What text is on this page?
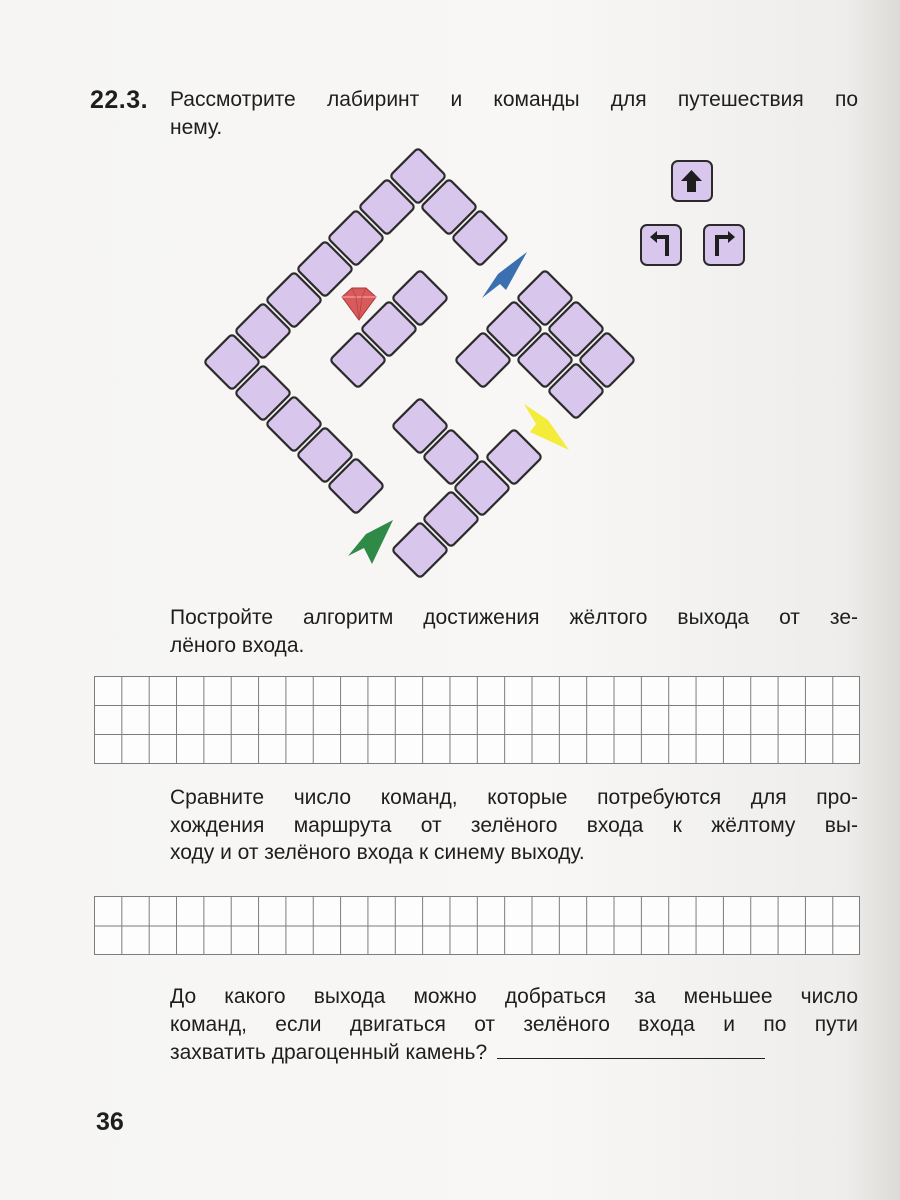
22.3. Рассмотрите лабиринт и команды для путешествия по
нему.

Постройте алгоритм достижения жёлтого выхода от зе-
лёного входа.

Сравните число команд, которые потребуются для про-
хождения маршрута от зелёного входа к жёлтому вы-
ходу и от зелёного входа к синему выходу.

До какого выхода можно добраться за меньшее число
команд, если двигаться от зелёного входа и по пути
захватить драгоценный камень?

36
